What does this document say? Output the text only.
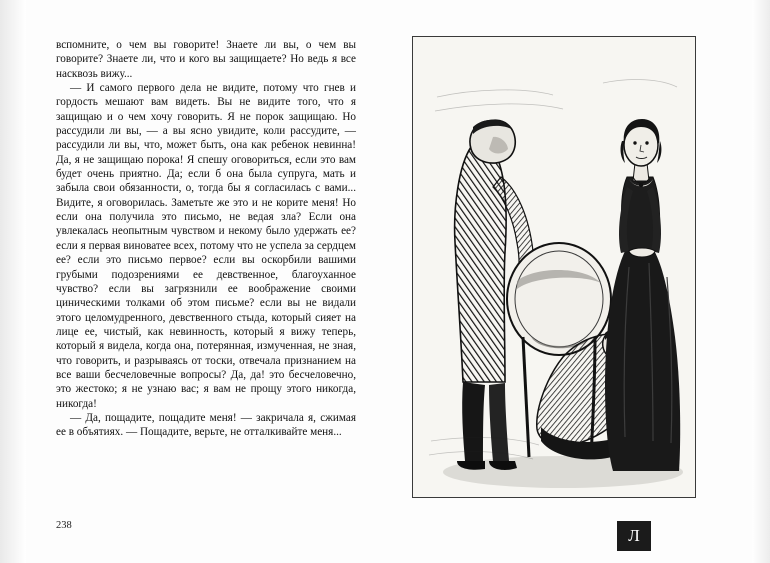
вспомните, о чем вы говорите! Знаете ли вы, о чем вы говорите? Знаете ли, что и кого вы защищаете? Но ведь я все насквозь вижу...

— И самого первого дела не видите, потому что гнев и гордость мешают вам видеть. Вы не видите того, что я защищаю и о чем хочу говорить. Я не порок защищаю. Но рассудили ли вы, — а вы ясно увидите, коли рассудите, — рассудили ли вы, что, может быть, она как ребенок невинна! Да, я не защищаю порока! Я спешу оговориться, если это вам будет очень приятно. Да; если б она была супруга, мать и забыла свои обязанности, о, тогда бы я согласилась с вами... Видите, я оговорилась. Заметьте же это и не корите меня! Но если она получила это письмо, не ведая зла? Если она увлекалась неопытным чувством и некому было удержать ее? если я первая виноватее всех, потому что не успела за сердцем ее? если это письмо первое? если вы оскорбили вашими грубыми подозрениями ее девственное, благоуханное чувство? если вы загрязнили ее воображение своими циническими толками об этом письме? если вы не видали этого целомудренного, девственного стыда, который сияет на лице ее, чистый, как невинность, который я вижу теперь, который я видела, когда она, потерянная, измученная, не зная, что говорить, и разрываясь от тоски, отвечала признанием на все ваши бесчеловечные вопросы? Да, да! это бесчеловечно, это жестоко; я не узнаю вас; я вам не прощу этого никогда, никогда!

— Да, пощадите, пощадите меня! — закричала я, сжимая ее в объятиях. — Пощадите, верьте, не отталкивайте меня...

238
Л
